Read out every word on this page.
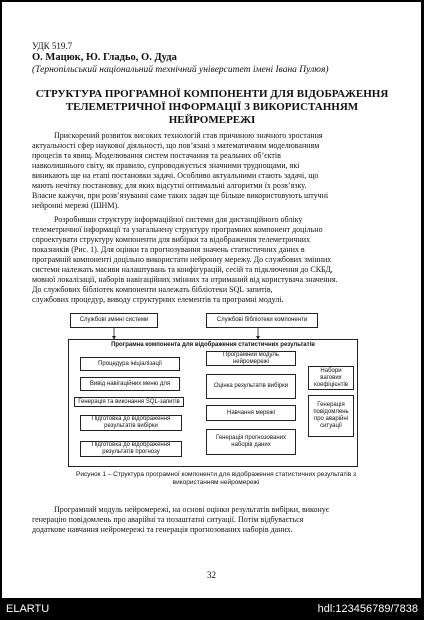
УДК 519.7
О. Мацюк, Ю. Гладьо, О. Дуда
(Тернопільський національний технічний університет імені Івана Пулюя)
СТРУКТУРА ПРОГРАМНОЇ КОМПОНЕНТИ ДЛЯ ВІДОБРАЖЕННЯ ТЕЛЕМЕТРИЧНОЇ ІНФОРМАЦІЇ З ВИКОРИСТАННЯМ НЕЙРОМЕРЕЖІ
Прискорений розвиток високих технологій став причиною значного зростання
актуальності сфер наукової діяльності, що пов’язані з математичним моделюванням
процесів та явищ. Моделювання систем постачання та реальних об’єктів
навколишнього світу, як правило, супроводжується значними труднощами, які
виникають ще на етапі постановки задачі. Особливо актуальними стають задачі, що
мають нечітку постановку, для яких відсутні оптимальні алгоритми їх розв’язку.
Власне кажучи, при розв’язуванні саме таких задач ще більше використовують штучні
нейронні мережі (ШНМ).
Розробивши структуру інформаційної системи для дистанційного обліку
телеметричної інформації та узагальнену структуру програмних компонент доцільно
спроектувати структуру компоненти для вибірки та відображення телеметричних
показників (Рис. 1). Для оцінки та прогнозування значень статистичних даних в
програмній компоненті доцільно використати нейронну мережу. До службових змінних
системи належать масиви налаштувань та конфігурацій, сесій та підключення до СКБД,
мовної локалізації, наборів навігаційних змінних та отриманий від користувача значення.
До службових бібліотек компоненти належать бібліотеки SQL запитів,
службових процедур, виводу структурних елементів та програмні модулі.
Службові змінні системи	Службові бібліотеки компоненти
Програмна компонента для відображення статистичних результатів
Процедура ініціалізації
Вивід навігаційних меню для
Генерація та виконання SQL-запитів
Підготовка до відображення результатів вибірки
Підготовка до відображення результатів прогнозу
Програмний модуль нейромережі
Оцінка результатів вибірки
Навчання мережі
Генерація прогнозованих наборів даних
Набори вагових коефіцієнтів
Генерація повідомлень про аварійні ситуації
Рисунок 1 – Структура програмної компоненти для відображення статистичних результатів з використанням нейромережі
Програмний модуль нейромережі, на основі оцінки результатів вибірки, виконує
генерацію повідомлень про аварійні та позаштатні ситуації. Потім відбувається
додаткове навчання нейромережі та генерація прогнозованих наборів даних.
32
ELARTU	hdl:123456789/7838
